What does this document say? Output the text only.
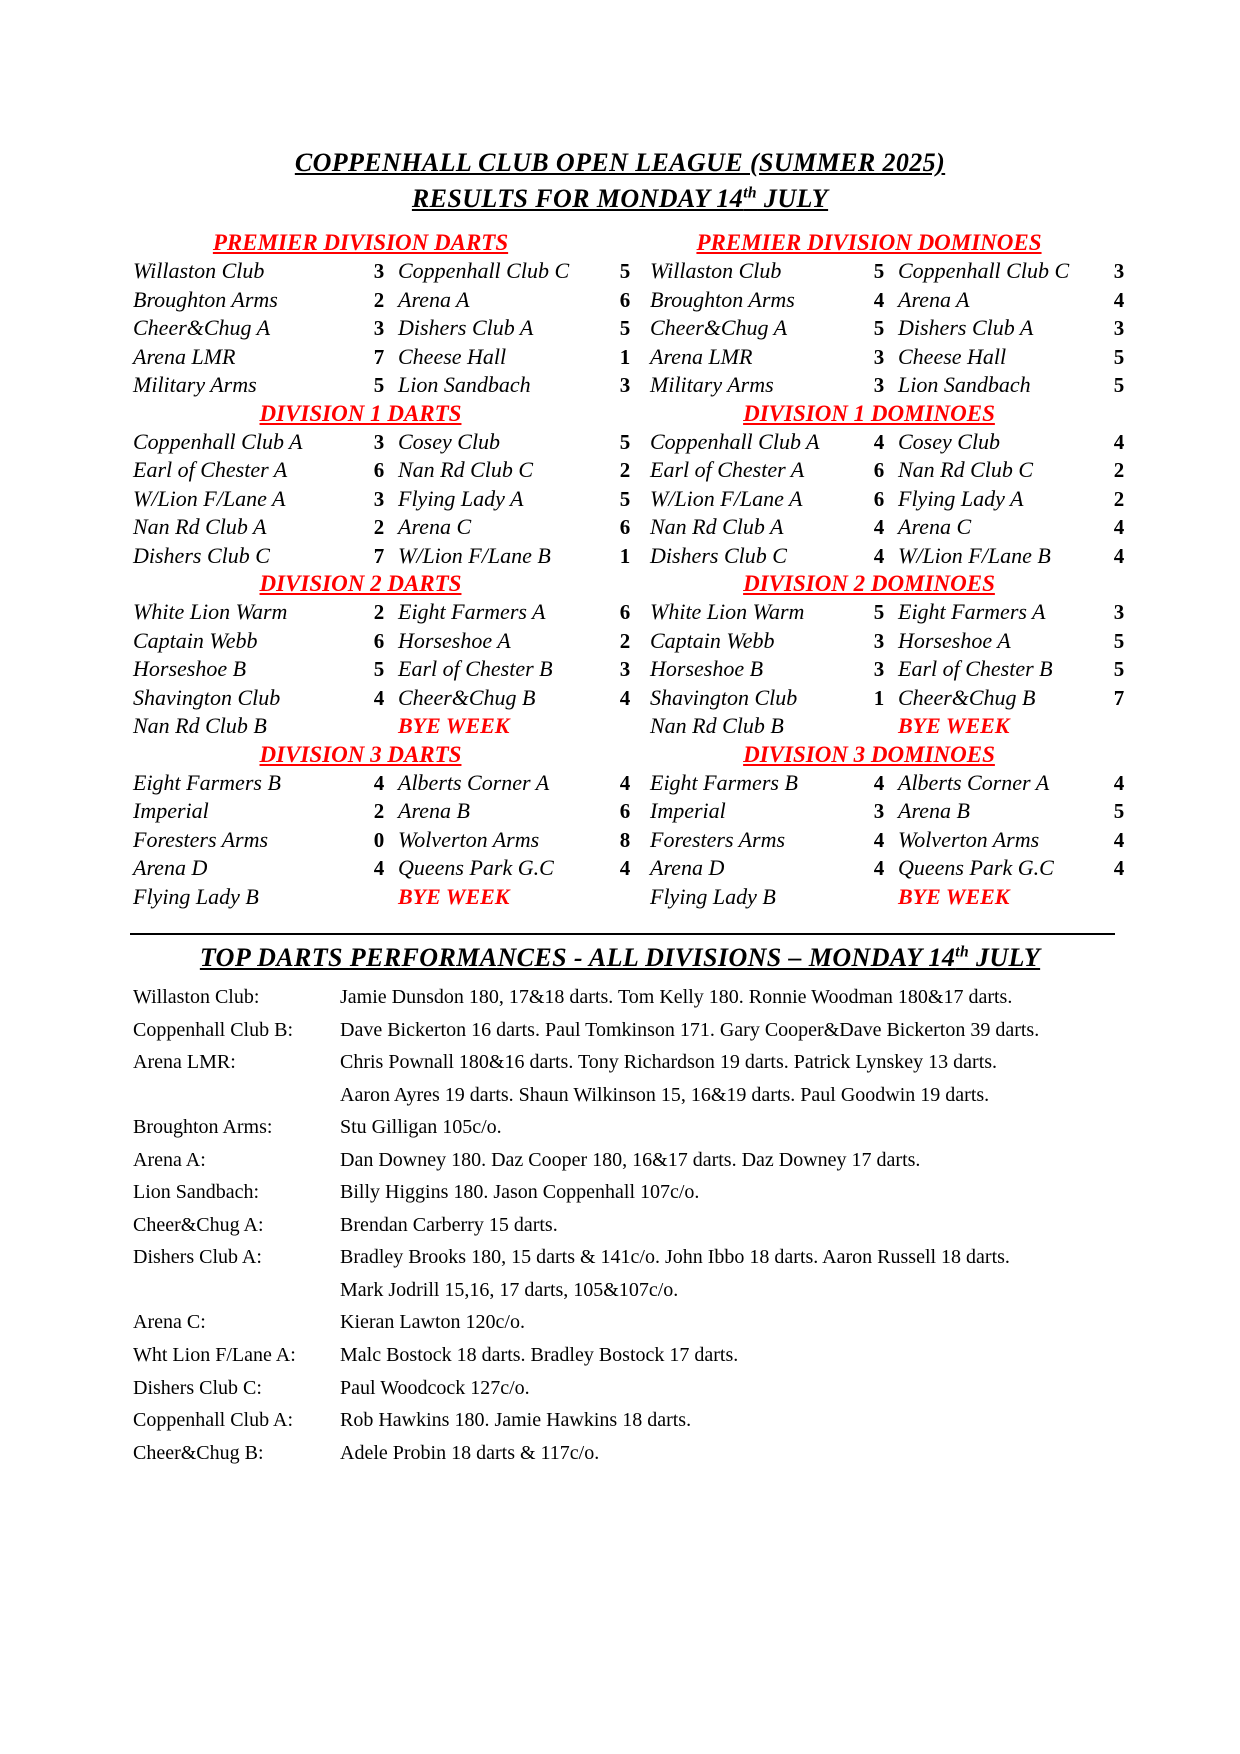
COPPENHALL CLUB OPEN LEAGUE (SUMMER 2025)
RESULTS FOR MONDAY 14th JULY
PREMIER DIVISION DARTS	PREMIER DIVISION DOMINOES
Willaston Club	3 Coppenhall Club C	5 Willaston Club	5 Coppenhall Club C	3
Broughton Arms	2 Arena A	6 Broughton Arms	4 Arena A	4
Cheer&Chug A	3 Dishers Club A	5 Cheer&Chug A	5 Dishers Club A	3
Arena LMR	7 Cheese Hall	1 Arena LMR	3 Cheese Hall	5
Military Arms	5 Lion Sandbach	3 Military Arms	3 Lion Sandbach	5
DIVISION 1 DARTS	DIVISION 1 DOMINOES
Coppenhall Club A	3 Cosey Club	5 Coppenhall Club A	4 Cosey Club	4
Earl of Chester A	6 Nan Rd Club C	2 Earl of Chester A	6 Nan Rd Club C	2
W/Lion F/Lane A	3 Flying Lady A	5 W/Lion F/Lane A	6 Flying Lady A	2
Nan Rd Club A	2 Arena C	6 Nan Rd Club A	4 Arena C	4
Dishers Club C	7 W/Lion F/Lane B	1 Dishers Club C	4 W/Lion F/Lane B	4
DIVISION 2 DARTS	DIVISION 2 DOMINOES
White Lion Warm	2 Eight Farmers A	6 White Lion Warm	5 Eight Farmers A	3
Captain Webb	6 Horseshoe A	2 Captain Webb	3 Horseshoe A	5
Horseshoe B	5 Earl of Chester B	3 Horseshoe B	3 Earl of Chester B	5
Shavington Club	4 Cheer&Chug B	4 Shavington Club	1 Cheer&Chug B	7
Nan Rd Club B	BYE WEEK	Nan Rd Club B	BYE WEEK
DIVISION 3 DARTS	DIVISION 3 DOMINOES
Eight Farmers B	4 Alberts Corner A	4 Eight Farmers B	4 Alberts Corner A	4
Imperial	2 Arena B	6 Imperial	3 Arena B	5
Foresters Arms	0 Wolverton Arms	8 Foresters Arms	4 Wolverton Arms	4
Arena D	4 Queens Park G.C	4 Arena D	4 Queens Park G.C	4
Flying Lady B	BYE WEEK	Flying Lady B	BYE WEEK
TOP DARTS PERFORMANCES - ALL DIVISIONS – MONDAY 14th JULY
Willaston Club:	Jamie Dunsdon 180, 17&18 darts. Tom Kelly 180. Ronnie Woodman 180&17 darts.
Coppenhall Club B:	Dave Bickerton 16 darts. Paul Tomkinson 171. Gary Cooper&Dave Bickerton 39 darts.
Arena LMR:	Chris Pownall 180&16 darts. Tony Richardson 19 darts. Patrick Lynskey 13 darts.
Aaron Ayres 19 darts. Shaun Wilkinson 15, 16&19 darts. Paul Goodwin 19 darts.
Broughton Arms:	Stu Gilligan 105c/o.
Arena A:	Dan Downey 180. Daz Cooper 180, 16&17 darts. Daz Downey 17 darts.
Lion Sandbach:	Billy Higgins 180. Jason Coppenhall 107c/o.
Cheer&Chug A:	Brendan Carberry 15 darts.
Dishers Club A:	Bradley Brooks 180, 15 darts & 141c/o. John Ibbo 18 darts. Aaron Russell 18 darts.
Mark Jodrill 15,16, 17 darts, 105&107c/o.
Arena C:	Kieran Lawton 120c/o.
Wht Lion F/Lane A:	Malc Bostock 18 darts. Bradley Bostock 17 darts.
Dishers Club C:	Paul Woodcock 127c/o.
Coppenhall Club A:	Rob Hawkins 180. Jamie Hawkins 18 darts.
Cheer&Chug B:	Adele Probin 18 darts & 117c/o.
